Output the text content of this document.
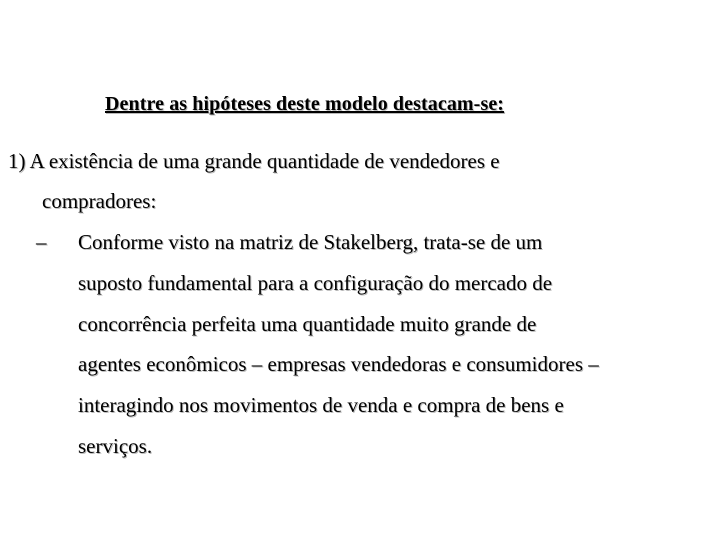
Dentre as hipóteses deste modelo destacam-se:
1) A existência de uma grande quantidade de vendedores e
compradores:
– Conforme visto na matriz de Stakelberg, trata-se de um
suposto fundamental para a configuração do mercado de
concorrência perfeita uma quantidade muito grande de
agentes econômicos – empresas vendedoras e consumidores –
interagindo nos movimentos de venda e compra de bens e
serviços.
